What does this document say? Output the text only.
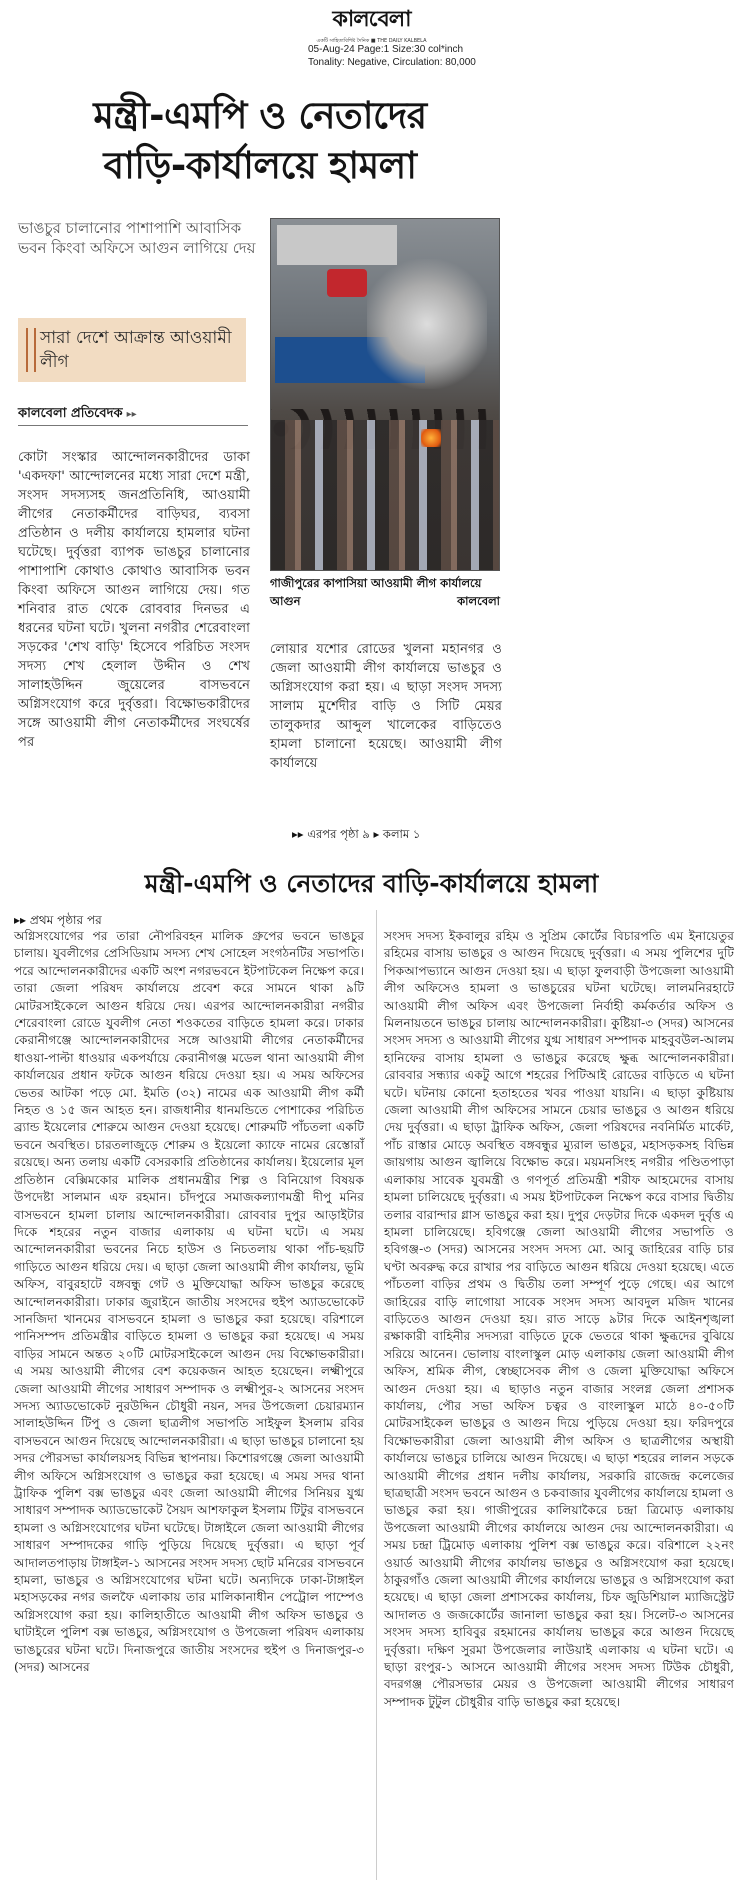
কালবেলা
একটি সাহিত্যবিশিষ্ট দৈনিক ■ THE DAILY KALBELA
05-Aug-24 Page:1 Size:30 col*inch
Tonality: Negative, Circulation: 80,000
মন্ত্রী-এমপি ও নেতাদের
বাড়ি-কার্যালয়ে হামলা
ভাঙচুর চালানোর পাশাপাশি আবাসিক ভবন কিংবা অফিসে আগুন লাগিয়ে দেয়
সারা দেশে আক্রান্ত আওয়ামী লীগ
কালবেলা প্রতিবেদক ▸▸
কোটা সংস্কার আন্দোলনকারীদের ডাকা 'একদফা' আন্দোলনের মধ্যে সারা দেশে মন্ত্রী, সংসদ সদস্যসহ জনপ্রতিনিধি, আওয়ামী লীগের নেতাকর্মীদের বাড়িঘর, ব্যবসা প্রতিষ্ঠান ও দলীয় কার্যালয়ে হামলার ঘটনা ঘটেছে। দুর্বৃত্তরা ব্যাপক ভাঙচুর চালানোর পাশাপাশি কোথাও কোথাও আবাসিক ভবন কিংবা অফিসে আগুন লাগিয়ে দেয়। গত শনিবার রাত থেকে রোববার দিনভর এ ধরনের ঘটনা ঘটে। খুলনা নগরীর শেরেবাংলা সড়কের 'শেখ বাড়ি' হিসেবে পরিচিত সংসদ সদস্য শেখ হেলাল উদ্দীন ও শেখ সালাহউদ্দিন জুয়েলের বাসভবনে অগ্নিসংযোগ করে দুর্বৃত্তরা। বিক্ষোভকারীদের সঙ্গে আওয়ামী লীগ নেতাকর্মীদের সংঘর্ষের পর
গাজীপুরের কাপাসিয়া আওয়ামী লীগ কার্যালয়ে আগুন	কালবেলা
লোয়ার যশোর রোডের খুলনা মহানগর ও জেলা আওয়ামী লীগ কার্যালয়ে ভাঙচুর ও অগ্নিসংযোগ করা হয়। এ ছাড়া সংসদ সদস্য সালাম মুর্শেদীর বাড়ি ও সিটি মেয়র তালুকদার আব্দুল খালেকের বাড়িতেও হামলা চালানো হয়েছে। আওয়ামী লীগ কার্যালয়ে
▸▸ এরপর পৃষ্ঠা ৯ ▸ কলাম ১
মন্ত্রী-এমপি ও নেতাদের বাড়ি-কার্যালয়ে হামলা
▸▸ প্রথম পৃষ্ঠার পর
অগ্নিসংযোগের পর তারা নৌপরিবহন মালিক গ্রুপের ভবনে ভাঙচুর চালায়। যুবলীগের প্রেসিডিয়াম সদস্য শেখ সোহেল সংগঠনটির সভাপতি। পরে আন্দোলনকারীদের একটি অংশ নগরভবনে ইটপাটকেল নিক্ষেপ করে। তারা জেলা পরিষদ কার্যালয়ে প্রবেশ করে সামনে থাকা ৯টি মোটরসাইকেলে আগুন ধরিয়ে দেয়। এরপর আন্দোলনকারীরা নগরীর শেরেবাংলা রোডে যুবলীগ নেতা শওকতের বাড়িতে হামলা করে। ঢাকার কেরানীগঞ্জে আন্দোলনকারীদের সঙ্গে আওয়ামী লীগের নেতাকর্মীদের ধাওয়া-পাল্টা ধাওয়ার একপর্যায়ে কেরানীগঞ্জ মডেল থানা আওয়ামী লীগ কার্যালয়ের প্রধান ফটকে আগুন ধরিয়ে দেওয়া হয়। এ সময় অফিসের ভেতর আটকা পড়ে মো. ইমতি (৩২) নামের এক আওয়ামী লীগ কর্মী নিহত ও ১৫ জন আহত হন। রাজধানীর ধানমন্ডিতে পোশাকের পরিচিত ব্র্যান্ড ইয়েলোর শোরুমে আগুন দেওয়া হয়েছে। শোরুমটি পাঁচতলা একটি ভবনে অবস্থিত। চারতলাজুড়ে শোরুম ও ইয়েলো ক্যাফে নামের রেস্তোরাঁ রয়েছে। অন্য তলায় একটি বেসরকারি প্রতিষ্ঠানের কার্যালয়। ইয়েলোর মূল প্রতিষ্ঠান বেক্সিমকোর মালিক প্রধানমন্ত্রীর শিল্প ও বিনিয়োগ বিষয়ক উপদেষ্টা সালমান এফ রহমান। চাঁদপুরে সমাজকল্যাণমন্ত্রী দীপু মনির বাসভবনে হামলা চালায় আন্দোলনকারীরা। রোববার দুপুর আড়াইটার দিকে শহরের নতুন বাজার এলাকায় এ ঘটনা ঘটে। এ সময় আন্দোলনকারীরা ভবনের নিচে হাউস ও নিচতলায় থাকা পাঁচ-ছয়টি গাড়িতে আগুন ধরিয়ে দেয়। এ ছাড়া জেলা আওয়ামী লীগ কার্যালয়, ভূমি অফিস, বাবুরহাটে বঙ্গবন্ধু গেট ও মুক্তিযোদ্ধা অফিস ভাঙচুর করেছে আন্দোলনকারীরা। ঢাকার জুরাইনে জাতীয় সংসদের হুইপ অ্যাডভোকেট সানজিদা খানমের বাসভবনে হামলা ও ভাঙচুর করা হয়েছে। বরিশালে পানিসম্পদ প্রতিমন্ত্রীর বাড়িতে হামলা ও ভাঙচুর করা হয়েছে। এ সময় বাড়ির সামনে অন্তত ২০টি মোটরসাইকেলে আগুন দেয় বিক্ষোভকারীরা। এ সময় আওয়ামী লীগের বেশ কয়েকজন আহত হয়েছেন। লক্ষ্মীপুরে জেলা আওয়ামী লীগের সাধারণ সম্পাদক ও লক্ষ্মীপুর-২ আসনের সংসদ সদস্য অ্যাডভোকেট নুরউদ্দিন চৌধুরী নয়ন, সদর উপজেলা চেয়ারম্যান সালাহউদ্দিন টিপু ও জেলা ছাত্রলীগ সভাপতি সাইফুল ইসলাম রবির বাসভবনে আগুন দিয়েছে আন্দোলনকারীরা। এ ছাড়া ভাঙচুর চালানো হয় সদর পৌরসভা কার্যালয়সহ বিভিন্ন স্থাপনায়। কিশোরগঞ্জে জেলা আওয়ামী লীগ অফিসে অগ্নিসংযোগ ও ভাঙচুর করা হয়েছে। এ সময় সদর থানা ট্রাফিক পুলিশ বক্স ভাঙচুর এবং জেলা আওয়ামী লীগের সিনিয়র যুগ্ম সাধারণ সম্পাদক অ্যাডভোকেট সৈয়দ আশফাকুল ইসলাম টিটুর বাসভবনে হামলা ও অগ্নিসংযোগের ঘটনা ঘটেছে। টাঙ্গাইলে জেলা আওয়ামী লীগের সাধারণ সম্পাদকের গাড়ি পুড়িয়ে দিয়েছে দুর্বৃত্তরা। এ ছাড়া পূর্ব আদালতপাড়ায় টাঙ্গাইল-১ আসনের সংসদ সদস্য ছোট মনিরের বাসভবনে হামলা, ভাঙচুর ও অগ্নিসংযোগের ঘটনা ঘটে। অন্যদিকে ঢাকা-টাঙ্গাইল মহাসড়কের নগর জলফৈ এলাকায় তার মালিকানাধীন পেট্রোল পাম্পেও অগ্নিসংযোগ করা হয়। কালিহাতীতে আওয়ামী লীগ অফিস ভাঙচুর ও ঘাটাইলে পুলিশ বক্স ভাঙচুর, অগ্নিসংযোগ ও উপজেলা পরিষদ এলাকায় ভাঙচুরের ঘটনা ঘটে। দিনাজপুরে জাতীয় সংসদের হুইপ ও দিনাজপুর-৩ (সদর) আসনের
সংসদ সদস্য ইকবালুর রহিম ও সুপ্রিম কোর্টের বিচারপতি এম ইনায়েতুর রহিমের বাসায় ভাঙচুর ও আগুন দিয়েছে দুর্বৃত্তরা। এ সময় পুলিশের দুটি পিকআপভ্যানে আগুন দেওয়া হয়। এ ছাড়া ফুলবাড়ী উপজেলা আওয়ামী লীগ অফিসেও হামলা ও ভাঙচুরের ঘটনা ঘটেছে। লালমনিরহাটে আওয়ামী লীগ অফিস এবং উপজেলা নির্বাহী কর্মকর্তার অফিস ও মিলনায়তনে ভাঙচুর চালায় আন্দোলনকারীরা। কুষ্টিয়া-৩ (সদর) আসনের সংসদ সদস্য ও আওয়ামী লীগের যুগ্ম সাধারণ সম্পাদক মাহবুবউল-আলম হানিফের বাসায় হামলা ও ভাঙচুর করেছে ক্ষুব্ধ আন্দোলনকারীরা। রোববার সন্ধ্যার একটু আগে শহরের পিটিআই রোডের বাড়িতে এ ঘটনা ঘটে। ঘটনায় কোনো হতাহতের খবর পাওয়া যায়নি। এ ছাড়া কুষ্টিয়ায় জেলা আওয়ামী লীগ অফিসের সামনে চেয়ার ভাঙচুর ও আগুন ধরিয়ে দেয় দুর্বৃত্তরা। এ ছাড়া ট্রাফিক অফিস, জেলা পরিষদের নবনির্মিত মার্কেট, পাঁচ রাস্তার মোড়ে অবস্থিত বঙ্গবন্ধুর ম্যুরাল ভাঙচুর, মহাসড়কসহ বিভিন্ন জায়গায় আগুন জ্বালিয়ে বিক্ষোভ করে। ময়মনসিংহ নগরীর পণ্ডিতপাড়া এলাকায় সাবেক যুবমন্ত্রী ও গণপূর্ত প্রতিমন্ত্রী শরীফ আহমেদের বাসায় হামলা চালিয়েছে দুর্বৃত্তরা। এ সময় ইটপাটকেল নিক্ষেপ করে বাসার দ্বিতীয় তলার বারান্দার গ্লাস ভাঙচুর করা হয়। দুপুর দেড়টার দিকে একদল দুর্বৃত্ত এ হামলা চালিয়েছে। হবিগঞ্জে জেলা আওয়ামী লীগের সভাপতি ও হবিগঞ্জ-৩ (সদর) আসনের সংসদ সদস্য মো. আবু জাহিরের বাড়ি চার ঘণ্টা অবরুদ্ধ করে রাখার পর বাড়িতে আগুন ধরিয়ে দেওয়া হয়েছে। এতে পাঁচতলা বাড়ির প্রথম ও দ্বিতীয় তলা সম্পূর্ণ পুড়ে গেছে। এর আগে জাহিরের বাড়ি লাগোয়া সাবেক সংসদ সদস্য আবদুল মজিদ খানের বাড়িতেও আগুন দেওয়া হয়। রাত সাড়ে ৯টার দিকে আইনশৃঙ্খলা রক্ষাকারী বাহিনীর সদস্যরা বাড়িতে ঢুকে ভেতরে থাকা ক্ষুব্ধদের বুঝিয়ে সরিয়ে আনেন। ভোলায় বাংলাস্কুল মোড় এলাকায় জেলা আওয়ামী লীগ অফিস, শ্রমিক লীগ, স্বেচ্ছাসেবক লীগ ও জেলা মুক্তিযোদ্ধা অফিসে আগুন দেওয়া হয়। এ ছাড়াও নতুন বাজার সংলগ্ন জেলা প্রশাসক কার্যালয়, পৌর সভা অফিস চত্বর ও বাংলাস্কুল মাঠে ৪০-৫০টি মোটরসাইকেল ভাঙচুর ও আগুন দিয়ে পুড়িয়ে দেওয়া হয়। ফরিদপুরে বিক্ষোভকারীরা জেলা আওয়ামী লীগ অফিস ও ছাত্রলীগের অস্থায়ী কার্যালয়ে ভাঙচুর চালিয়ে আগুন দিয়েছে। এ ছাড়া শহরের লালন সড়কে আওয়ামী লীগের প্রধান দলীয় কার্যালয়, সরকারি রাজেন্দ্র কলেজের ছাত্রছাত্রী সংসদ ভবনে আগুন ও চকবাজার যুবলীগের কার্যালয়ে হামলা ও ভাঙচুর করা হয়। গাজীপুরের কালিয়াকৈরে চন্দ্রা ত্রিমোড় এলাকায় উপজেলা আওয়ামী লীগের কার্যালয়ে আগুন দেয় আন্দোলনকারীরা। এ সময় চন্দ্রা ট্রিমোড় এলাকায় পুলিশ বক্স ভাঙচুর করে। বরিশালে ২২নং ওয়ার্ড আওয়ামী লীগের কার্যালয় ভাঙচুর ও অগ্নিসংযোগ করা হয়েছে। ঠাকুরগাঁও জেলা আওয়ামী লীগের কার্যালয়ে ভাঙচুর ও অগ্নিসংযোগ করা হয়েছে। এ ছাড়া জেলা প্রশাসকের কার্যালয়, চিফ জুডিশিয়াল ম্যাজিস্ট্রেট আদালত ও জজকোর্টের জানালা ভাঙচুর করা হয়। সিলেট-৩ আসনের সংসদ সদস্য হাবিবুর রহমানের কার্যালয় ভাঙচুর করে আগুন দিয়েছে দুর্বৃত্তরা। দক্ষিণ সুরমা উপজেলার লাউয়াই এলাকায় এ ঘটনা ঘটে। এ ছাড়া রংপুর-১ আসনে আওয়ামী লীগের সংসদ সদস্য টিউক চৌধুরী, বদরগঞ্জ পৌরসভার মেয়র ও উপজেলা আওয়ামী লীগের সাধারণ সম্পাদক টুটুল চৌধুরীর বাড়ি ভাঙচুর করা হয়েছে।
